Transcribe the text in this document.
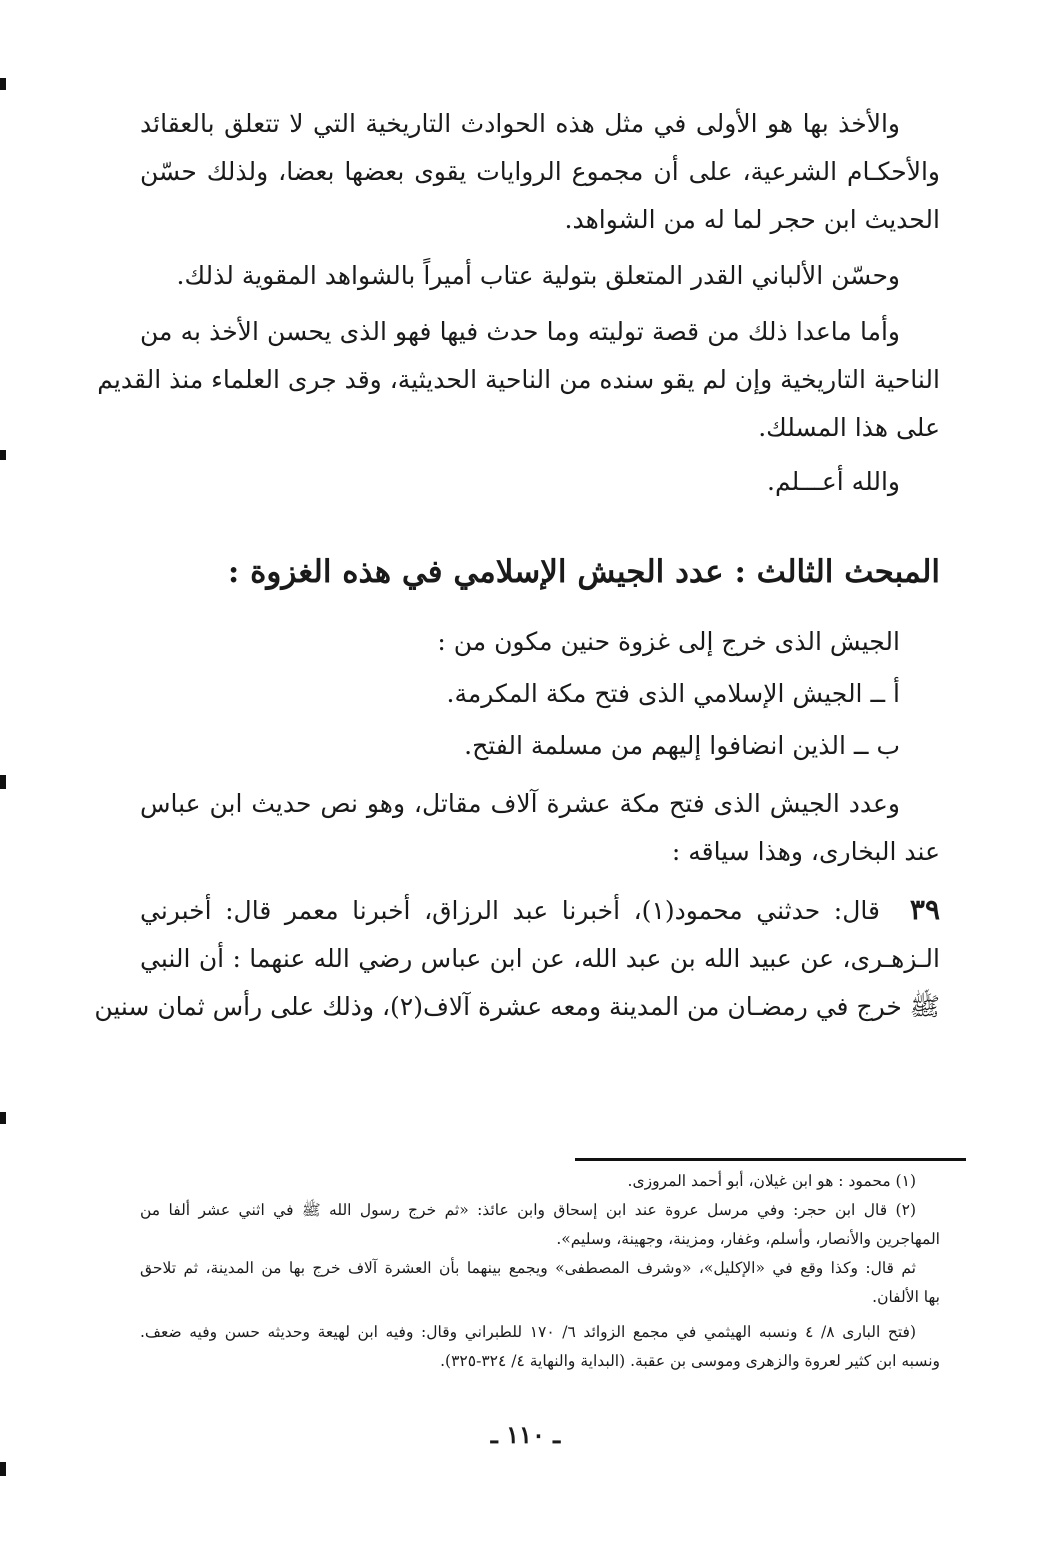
والأخذ بها هو الأولى في مثل هذه الحوادث التاريخية التي لا تتعلق بالعقائد
والأحكـام الشرعية، على أن مجموع الروايات يقوى بعضها بعضا، ولذلك حسّن
الحديث ابن حجر لما له من الشواهد.
وحسّن الألباني القدر المتعلق بتولية عتاب أميراً بالشواهد المقوية لذلك.
وأما ماعدا ذلك من قصة توليته وما حدث فيها فهو الذى يحسن الأخذ به من
الناحية التاريخية وإن لم يقو سنده من الناحية الحديثية، وقد جرى العلماء منذ القديم
على هذا المسلك.
والله أعـــلم.
المبحث الثالث : عدد الجيش الإسلامي في هذه الغزوة :
الجيش الذى خرج إلى غزوة حنين مكون من :
أ ــ الجيش الإسلامي الذى فتح مكة المكرمة.
ب ــ الذين انضافوا إليهم من مسلمة الفتح.
وعدد الجيش الذى فتح مكة عشرة آلاف مقاتل، وهو نص حديث ابن عباس
عند البخارى، وهذا سياقه :
٣٩قال: حدثني محمود(١)، أخبرنا عبد الرزاق، أخبرنا معمر قال: أخبرني
الـزهـرى، عن عبيد الله بن عبد الله، عن ابن عباس رضي الله عنهما : أن النبي
ﷺ خرج في رمضـان من المدينة ومعه عشرة آلاف(٢)، وذلك على رأس ثمان سنين
(١) محمود : هو ابن غيلان، أبو أحمد المروزى.
(٢) قال ابن حجر: وفي مرسل عروة عند ابن إسحاق وابن عائذ: «ثم خرج رسول الله ﷺ في اثني عشر ألفا من
المهاجرين والأنصار، وأسلم، وغفار، ومزينة، وجهينة، وسليم».
ثم قال: وكذا وقع في «الإكليل»، «وشرف المصطفى» ويجمع بينهما بأن العشرة آلاف خرج بها من المدينة، ثم تلاحق
بها الألفان.
(فتح البارى ٨/ ٤ ونسبه الهيثمي في مجمع الزوائد ٦/ ١٧٠ للطبراني وقال: وفيه ابن لهيعة وحديثه حسن وفيه ضعف.
ونسبه ابن كثير لعروة والزهرى وموسى بن عقبة. (البداية والنهاية ٤/ ٣٢٤-٣٢٥).
ـ ١١٠ ـ
